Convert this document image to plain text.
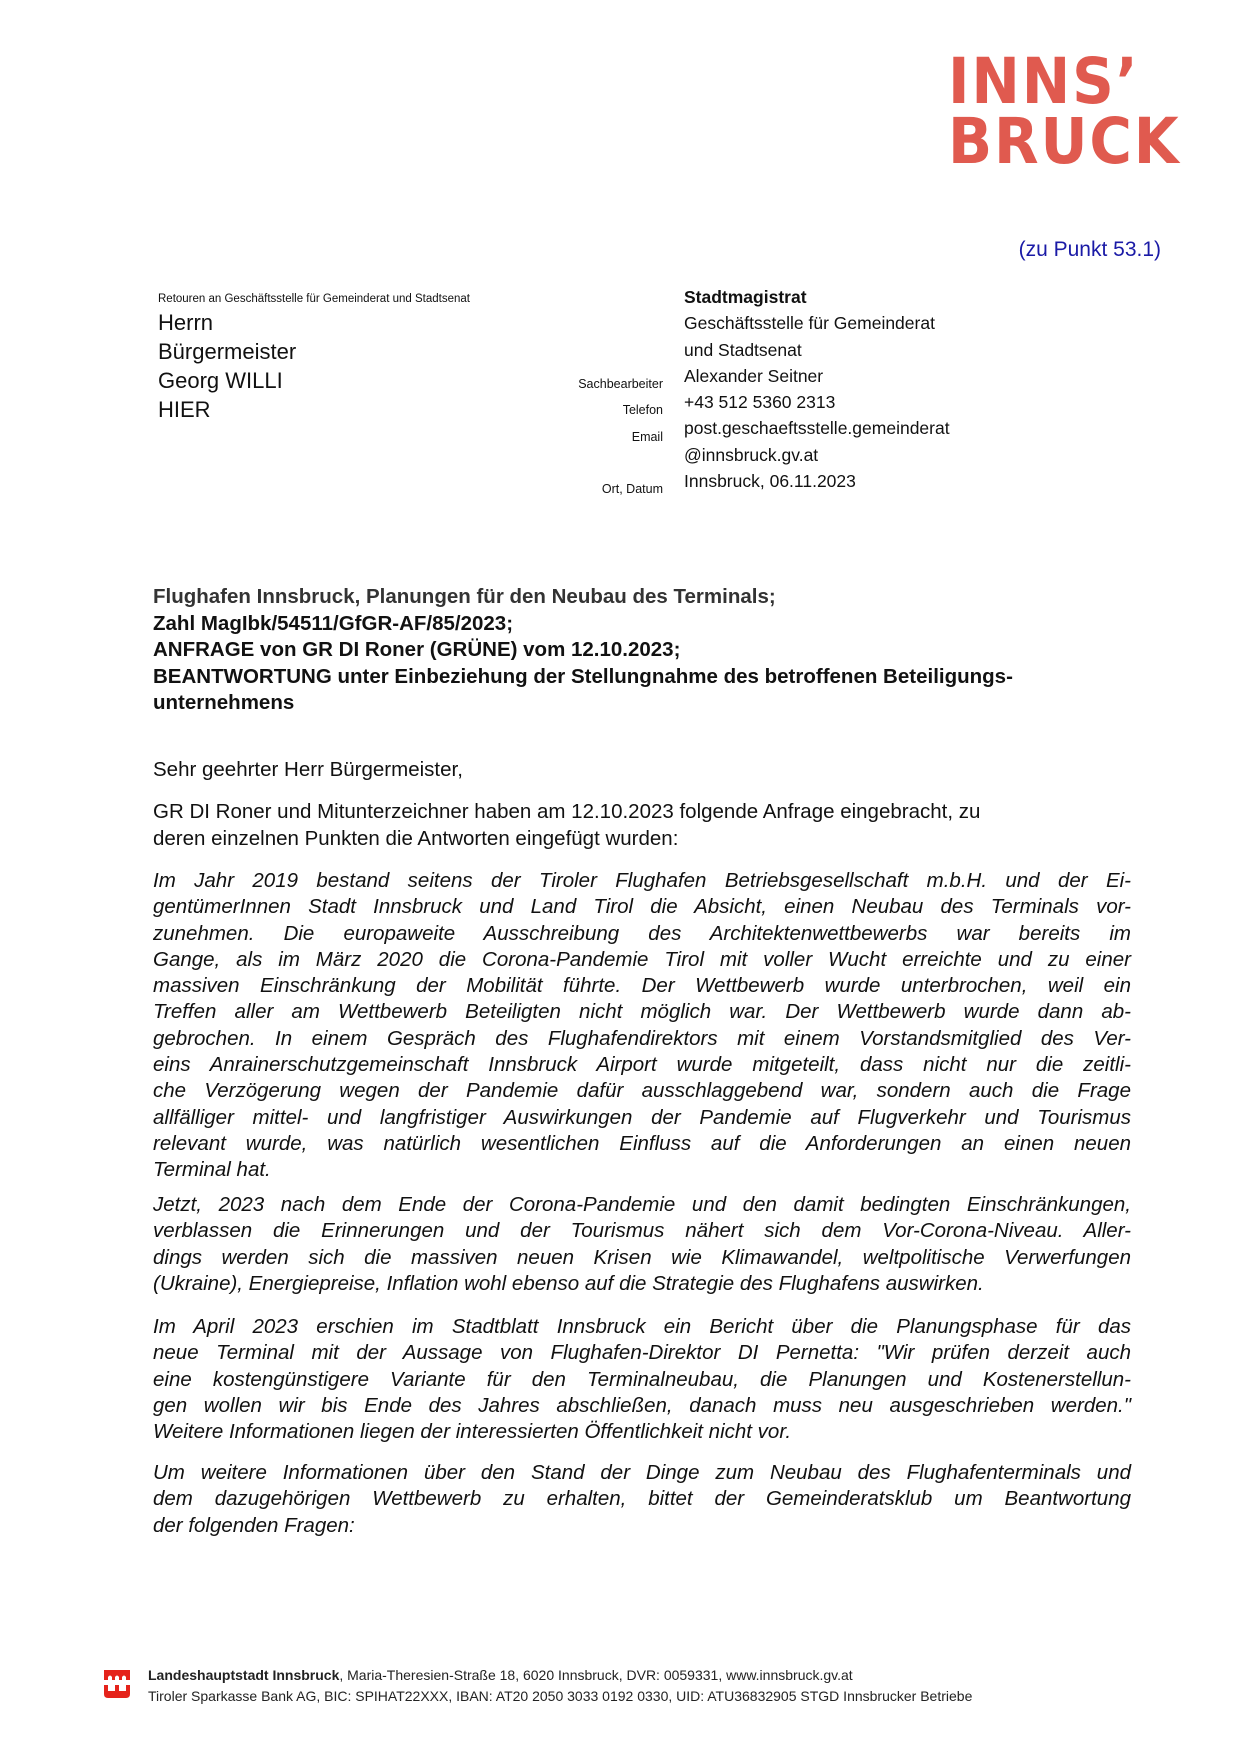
INNS’
BRUCK
(zu Punkt 53.1)
Retouren an Geschäftsstelle für Gemeinderat und Stadtsenat
Herrn
Bürgermeister
Georg WILLI
HIER
Sachbearbeiter
Telefon
Email
Ort, Datum
Stadtmagistrat
Geschäftsstelle für Gemeinderat
und Stadtsenat
Alexander Seitner
+43 512 5360 2313
post.geschaeftsstelle.gemeinderat
@innsbruck.gv.at
Innsbruck, 06.11.2023
Flughafen Innsbruck, Planungen für den Neubau des Terminals;
Zahl MagIbk/54511/GfGR-AF/85/2023;
ANFRAGE von GR DI Roner (GRÜNE) vom 12.10.2023;
BEANTWORTUNG unter Einbeziehung der Stellungnahme des betroffenen Beteiligungs-
unternehmens
Sehr geehrter Herr Bürgermeister,
GR DI Roner und Mitunterzeichner haben am 12.10.2023 folgende Anfrage eingebracht, zu
deren einzelnen Punkten die Antworten eingefügt wurden:
Im Jahr 2019 bestand seitens der Tiroler Flughafen Betriebsgesellschaft m.b.H. und der Ei-
gentümerInnen Stadt Innsbruck und Land Tirol die Absicht, einen Neubau des Terminals vor-
zunehmen. Die europaweite Ausschreibung des Architektenwettbewerbs war bereits im
Gange, als im März 2020 die Corona-Pandemie Tirol mit voller Wucht erreichte und zu einer
massiven Einschränkung der Mobilität führte. Der Wettbewerb wurde unterbrochen, weil ein
Treffen aller am Wettbewerb Beteiligten nicht möglich war. Der Wettbewerb wurde dann ab-
gebrochen. In einem Gespräch des Flughafendirektors mit einem Vorstandsmitglied des Ver-
eins Anrainerschutzgemeinschaft Innsbruck Airport wurde mitgeteilt, dass nicht nur die zeitli-
che Verzögerung wegen der Pandemie dafür ausschlaggebend war, sondern auch die Frage
allfälliger mittel- und langfristiger Auswirkungen der Pandemie auf Flugverkehr und Tourismus
relevant wurde, was natürlich wesentlichen Einfluss auf die Anforderungen an einen neuen
Terminal hat.
Jetzt, 2023 nach dem Ende der Corona-Pandemie und den damit bedingten Einschränkungen,
verblassen die Erinnerungen und der Tourismus nähert sich dem Vor-Corona-Niveau. Aller-
dings werden sich die massiven neuen Krisen wie Klimawandel, weltpolitische Verwerfungen
(Ukraine), Energiepreise, Inflation wohl ebenso auf die Strategie des Flughafens auswirken.
Im April 2023 erschien im Stadtblatt Innsbruck ein Bericht über die Planungsphase für das
neue Terminal mit der Aussage von Flughafen-Direktor DI Pernetta: "Wir prüfen derzeit auch
eine kostengünstigere Variante für den Terminalneubau, die Planungen und Kostenerstellun-
gen wollen wir bis Ende des Jahres abschließen, danach muss neu ausgeschrieben werden."
Weitere Informationen liegen der interessierten Öffentlichkeit nicht vor.
Um weitere Informationen über den Stand der Dinge zum Neubau des Flughafenterminals und
dem dazugehörigen Wettbewerb zu erhalten, bittet der Gemeinderatsklub um Beantwortung
der folgenden Fragen:
Landeshauptstadt Innsbruck, Maria-Theresien-Straße 18, 6020 Innsbruck, DVR: 0059331, www.innsbruck.gv.at
Tiroler Sparkasse Bank AG, BIC: SPIHAT22XXX, IBAN: AT20 2050 3033 0192 0330, UID: ATU36832905 STGD Innsbrucker Betriebe
